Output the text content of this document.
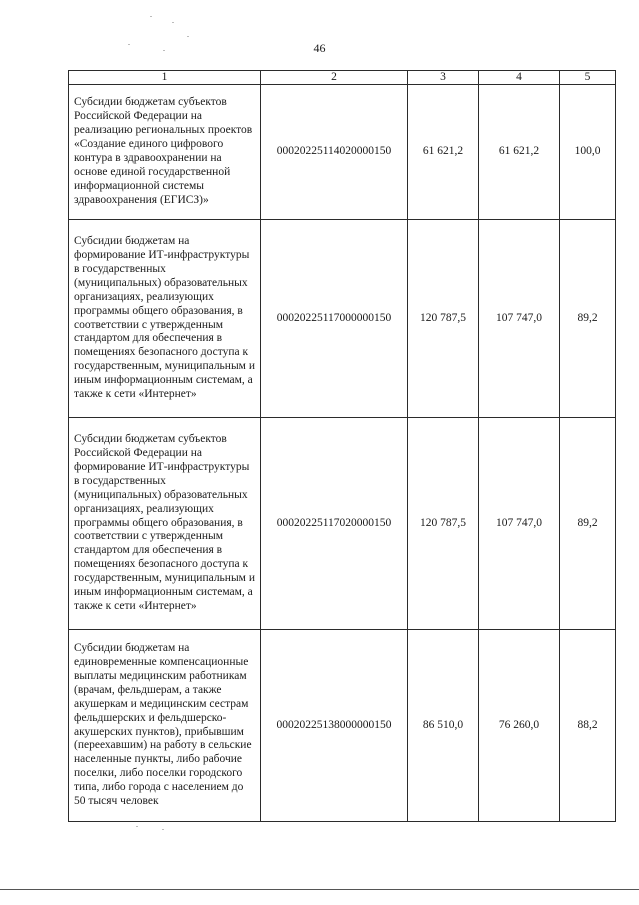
46
1	2	3	4	5
Субсидии бюджетам субъектов Российской Федерации на реализацию региональных проектов «Создание единого цифрового контура в здравоохранении на основе единой государственной информационной системы здравоохранения (ЕГИСЗ)»	00020225114020000150	61 621,2	61 621,2	100,0
Субсидии бюджетам на формирование ИТ-инфраструктуры в государственных (муниципальных) образовательных организациях, реализующих программы общего образования, в соответствии с утвержденным стандартом для обеспечения в помещениях безопасного доступа к государственным, муниципальным и иным информационным системам, а также к сети «Интернет»	00020225117000000150	120 787,5	107 747,0	89,2
Субсидии бюджетам субъектов Российской Федерации на формирование ИТ-инфраструктуры в государственных (муниципальных) образовательных организациях, реализующих программы общего образования, в соответствии с утвержденным стандартом для обеспечения в помещениях безопасного доступа к государственным, муниципальным и иным информационным системам, а также к сети «Интернет»	00020225117020000150	120 787,5	107 747,0	89,2
Субсидии бюджетам на единовременные компенсационные выплаты медицинским работникам (врачам, фельдшерам, а также акушеркам и медицинским сестрам фельдшерских и фельдшерско-акушерских пунктов), прибывшим (переехавшим) на работу в сельские населенные пункты, либо рабочие поселки, либо поселки городского типа, либо города с населением до 50 тысяч человек	00020225138000000150	86 510,0	76 260,0	88,2
